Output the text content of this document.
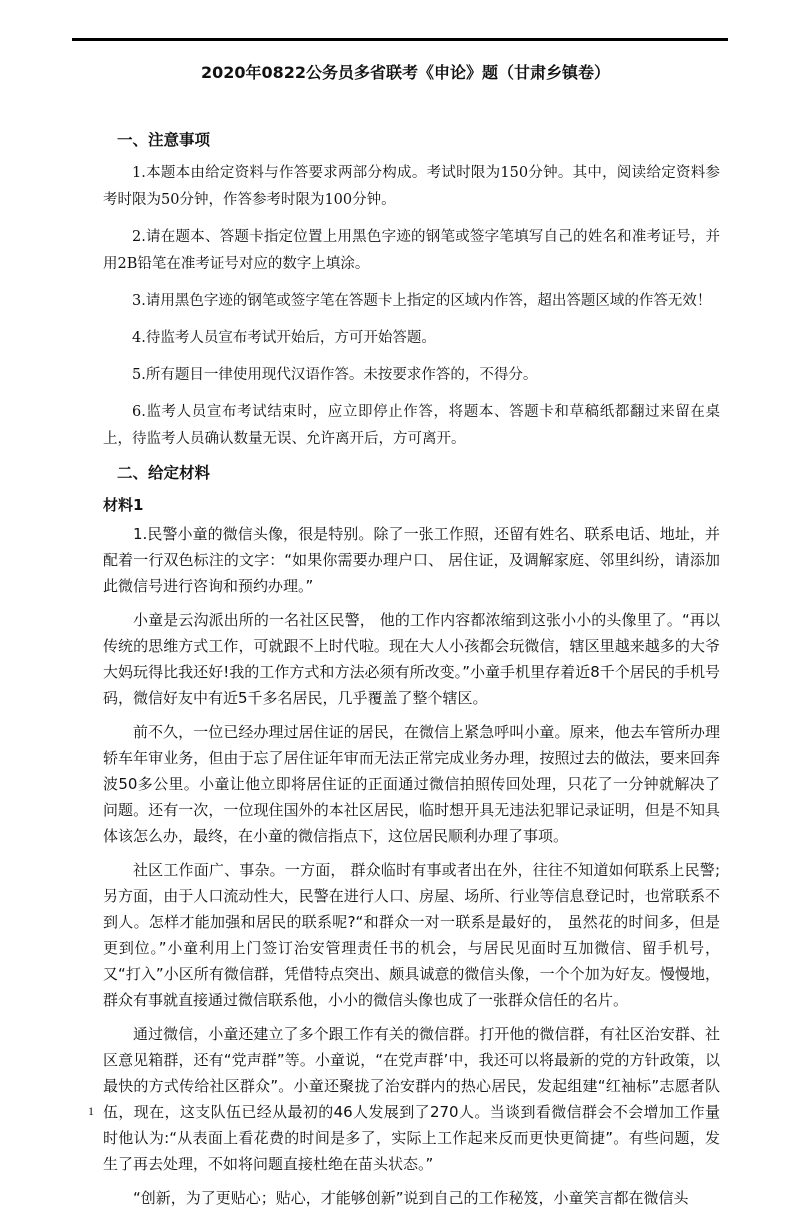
2020年0822公务员多省联考《申论》题（甘肃乡镇卷）
一、注意事项
1.本题本由给定资料与作答要求两部分构成。考试时限为150分钟。其中，阅读给定资料参考时限为50分钟，作答参考时限为100分钟。
2.请在题本、答题卡指定位置上用黑色字迹的钢笔或签字笔填写自己的姓名和准考证号，并用2B铅笔在准考证号对应的数字上填涂。
3.请用黑色字迹的钢笔或签字笔在答题卡上指定的区域内作答，超出答题区域的作答无效！
4.待监考人员宣布考试开始后，方可开始答题。
5.所有题目一律使用现代汉语作答。未按要求作答的，不得分。
6.监考人员宣布考试结束时，应立即停止作答，将题本、答题卡和草稿纸都翻过来留在桌上，待监考人员确认数量无误、允许离开后，方可离开。
二、给定材料
材料1

1.民警小童的微信头像，很是特别。除了一张工作照，还留有姓名、联系电话、地址，并配着一行双色标注的文字：“如果你需要办理户口、 居住证，及调解家庭、邻里纠纷，请添加此微信号进行咨询和预约办理。”

小童是云沟派出所的一名社区民警， 他的工作内容都浓缩到这张小小的头像里了。“再以传统的思维方式工作，可就跟不上时代啦。现在大人小孩都会玩微信，辖区里越来越多的大爷大妈玩得比我还好!我的工作方式和方法必须有所改变。”小童手机里存着近8千个居民的手机号码，微信好友中有近5千多名居民，几乎覆盖了整个辖区。

前不久，一位已经办理过居住证的居民，在微信上紧急呼叫小童。原来，他去车管所办理轿车年审业务，但由于忘了居住证年审而无法正常完成业务办理，按照过去的做法，要来回奔波50多公里。小童让他立即将居住证的正面通过微信拍照传回处理，只花了一分钟就解决了问题。还有一次，一位现住国外的本社区居民，临时想开具无违法犯罪记录证明，但是不知具体该怎么办，最终，在小童的微信指点下，这位居民顺利办理了事项。

社区工作面广、事杂。一方面， 群众临时有事或者出在外，往往不知道如何联系上民警;另方面，由于人口流动性大，民警在进行人口、房屋、场所、行业等信息登记时，也常联系不到人。怎样才能加强和居民的联系呢?“和群众一对一联系是最好的， 虽然花的时间多，但是更到位。”小童利用上门签订治安管理责任书的机会，与居民见面时互加微信、留手机号，又“打入”小区所有微信群，凭借特点突出、颇具诚意的微信头像，一个个加为好友。慢慢地，群众有事就直接通过微信联系他，小小的微信头像也成了一张群众信任的名片。

通过微信，小童还建立了多个跟工作有关的微信群。打开他的微信群，有社区治安群、社区意见箱群，还有“党声群”等。小童说，“在党声群’中，我还可以将最新的党的方针政策，以最快的方式传给社区群众”。小童还聚拢了治安群内的热心居民，发起组建“红袖标”志愿者队伍，现在，这支队伍已经从最初的46人发展到了270人。当谈到看微信群会不会增加工作量时他认为:“从表面上看花费的时间是多了，实际上工作起来反而更快更简捷”。有些问题，发生了再去处理，不如将问题直接杜绝在苗头状态。”

“创新，为了更贴心；贴心，才能够创新”说到自己的工作秘笈，小童笑言都在微信头

1
